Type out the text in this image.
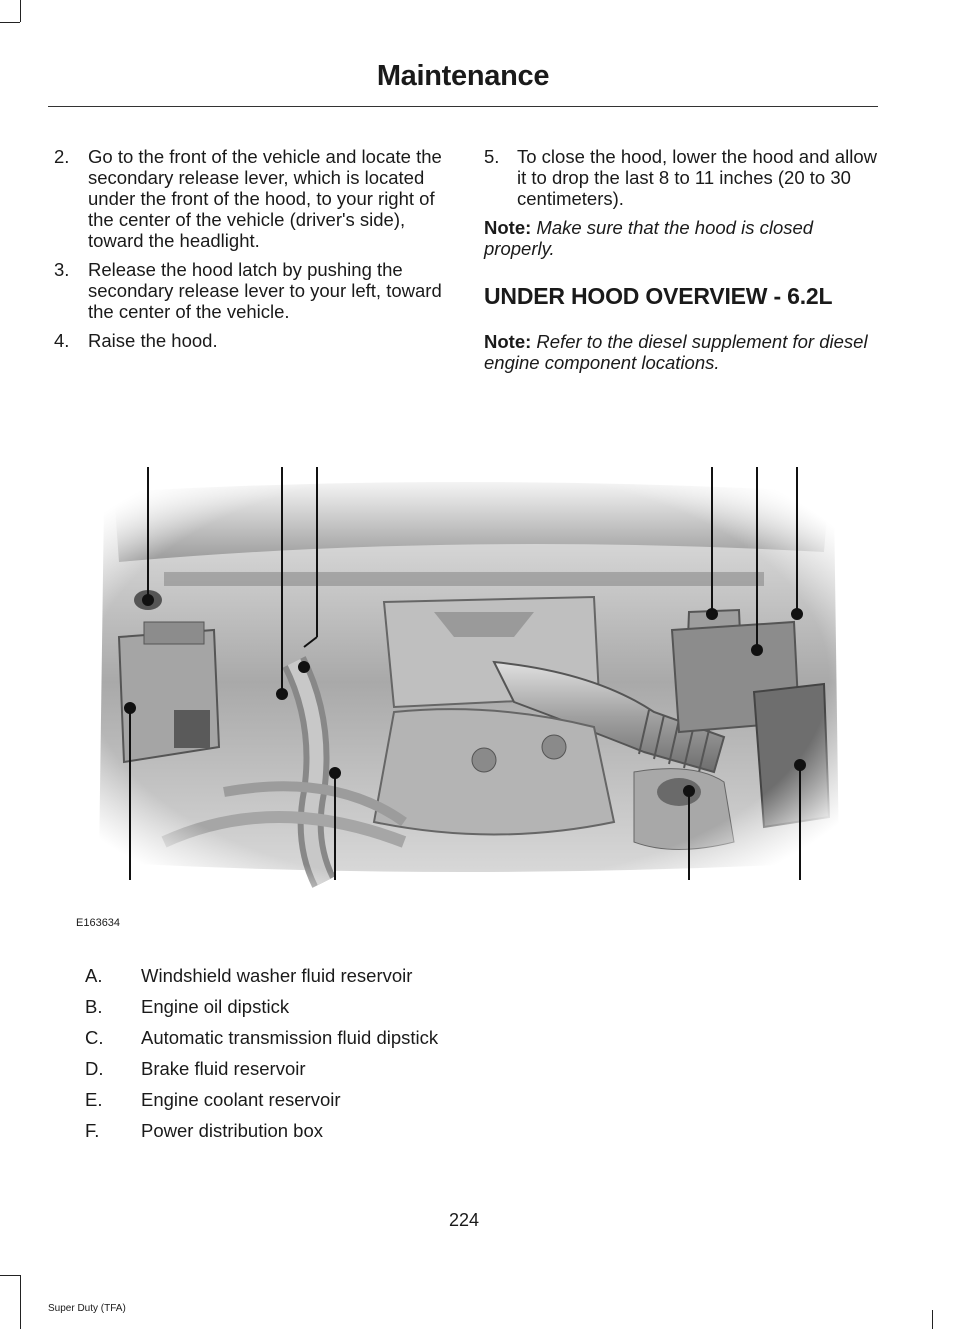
Maintenance
2.	Go to the front of the vehicle and locate the secondary release lever, which is located under the front of the hood, to your right of the center of the vehicle (driver's side), toward the headlight.
3.	Release the hood latch by pushing the secondary release lever to your left, toward the center of the vehicle.
4.	Raise the hood.
5. To close the hood, lower the hood and allow it to drop the last 8 to 11 inches (20 to 30 centimeters).

Note: Make sure that the hood is closed properly.

UNDER HOOD OVERVIEW - 6.2L

Note: Refer to the diesel supplement for diesel engine component locations.

E163634
A.	Windshield washer fluid reservoir
B.	Engine oil dipstick
C.	Automatic transmission fluid dipstick
D.	Brake fluid reservoir
E.	Engine coolant reservoir
F.	Power distribution box
224
Super Duty (TFA)
